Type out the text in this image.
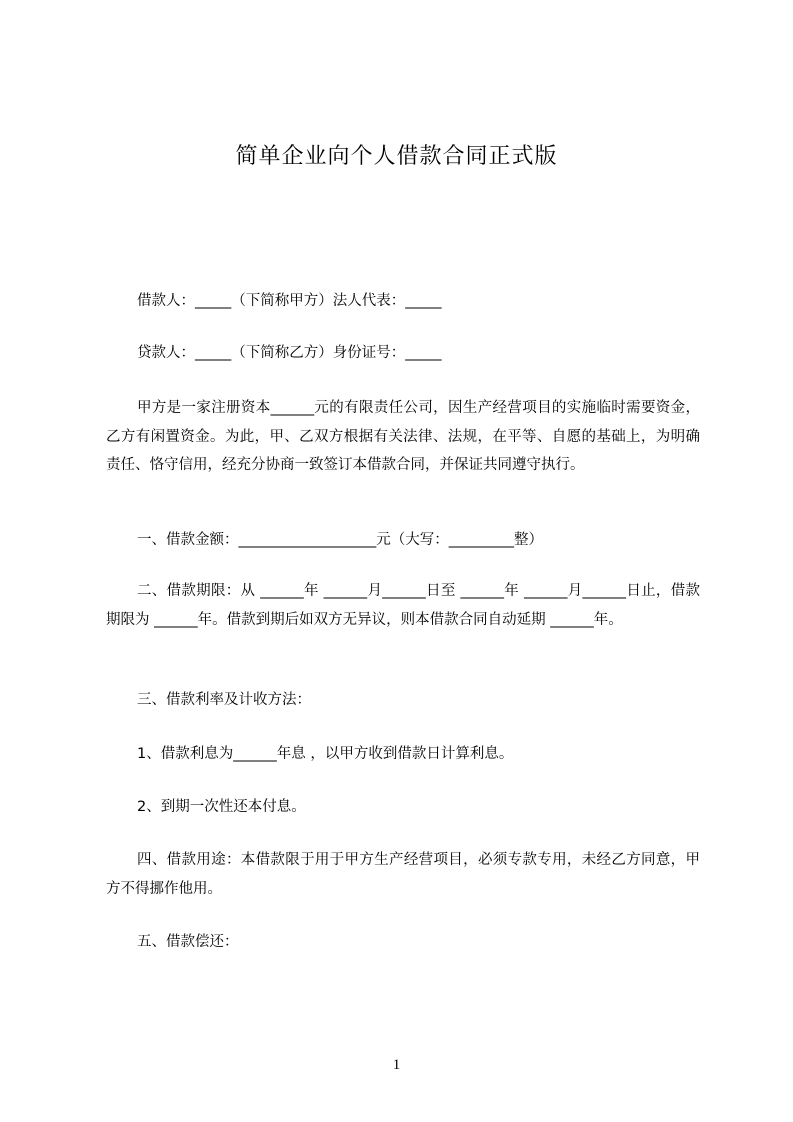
简单企业向个人借款合同正式版

借款人：_____（下简称甲方）法人代表：_____

贷款人：_____（下简称乙方）身份证号：_____

甲方是一家注册资本______元的有限责任公司，因生产经营项目的实施临时需要资金，乙方有闲置资金。为此，甲、乙双方根据有关法律、法规，在平等、自愿的基础上，为明确责任、恪守信用，经充分协商一致签订本借款合同，并保证共同遵守执行。

一、借款金额：___________________元（大写：_________整）

二、借款期限：从 ______年 ______月______日至 ______年 ______月______日止，借款期限为 ______年。借款到期后如双方无异议，则本借款合同自动延期 ______年。

三、借款利率及计收方法：

1、借款利息为______年息 ，以甲方收到借款日计算利息。

2、到期一次性还本付息。

四、借款用途：本借款限于用于甲方生产经营项目，必须专款专用，未经乙方同意，甲方不得挪作他用。

五、借款偿还：

1
